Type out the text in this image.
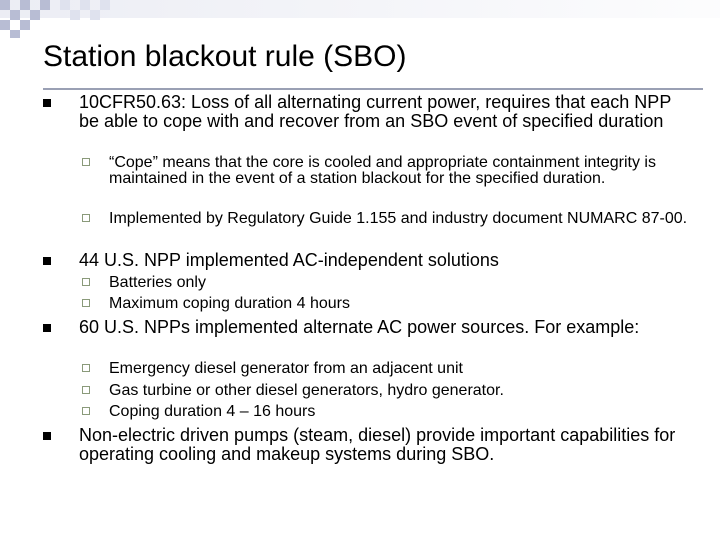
Station blackout rule (SBO)
10CFR50.63: Loss of all alternating current power, requires that each NPP be able to cope with and recover from an SBO event of specified duration
“Cope” means that the core is cooled and appropriate containment integrity is maintained in the event of a station blackout for the specified duration.
Implemented by Regulatory Guide 1.155 and industry document NUMARC 87-00.
44 U.S. NPP implemented AC-independent solutions
Batteries only
Maximum coping duration 4 hours
60 U.S. NPPs implemented alternate AC power sources. For example:
Emergency diesel generator from an adjacent unit
Gas turbine or other diesel generators, hydro generator.
Coping duration 4 – 16 hours
Non-electric driven pumps (steam, diesel) provide important capabilities for operating cooling and makeup systems during SBO.
